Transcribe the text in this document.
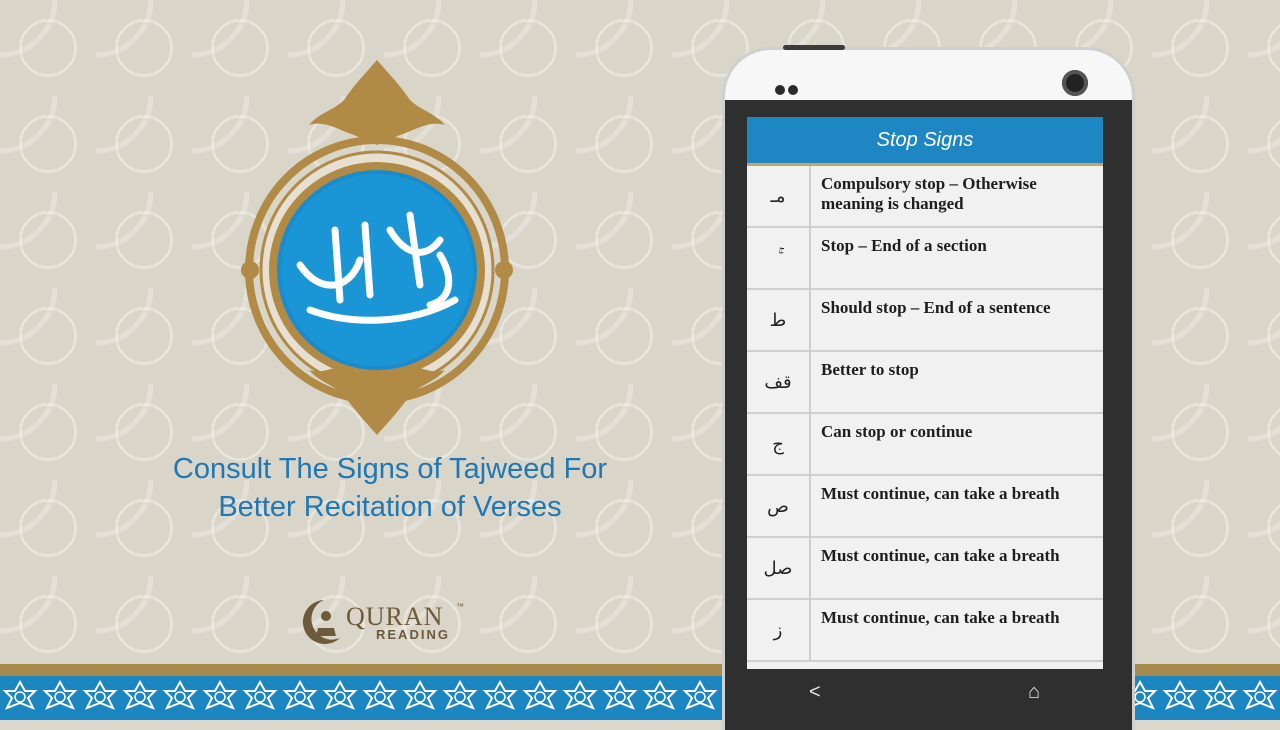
Consult The Signs of Tajweed For
Better Recitation of Verses
QURAN ™
READING
Stop Signs
مـ
Compulsory stop – Otherwise meaning is changed
Stop – End of a section
ط
Should stop – End of a sentence
قف
Better to stop
ج
Can stop or continue
ص
Must continue, can take a breath
صل
Must continue, can take a breath
ز
Must continue, can take a breath
<	⌂
